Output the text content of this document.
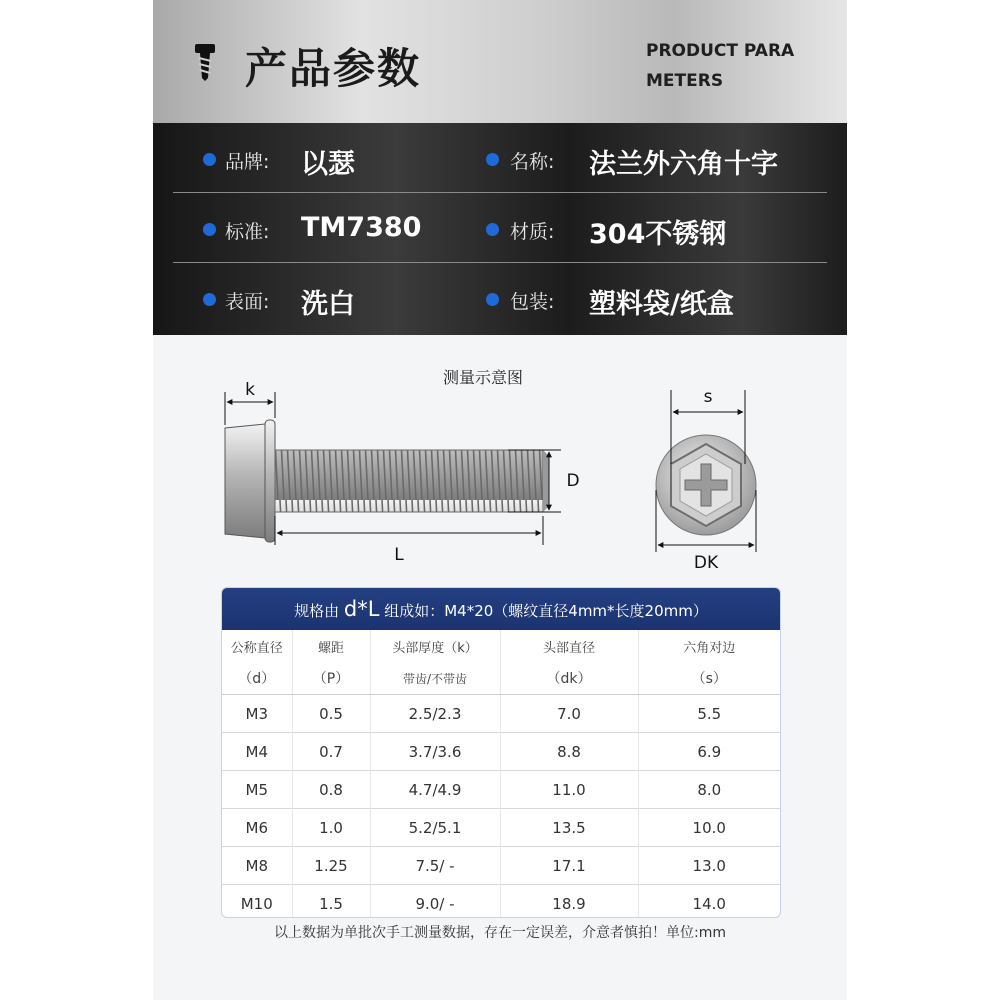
产品参数	PRODUCT PARA
METERS
品牌: 以瑟	名称: 法兰外六角十字
标准: TM7380	材质: 304不锈钢
表面: 洗白	包装: 塑料袋/纸盒
测量示意图
k
D
L
s
DK
规格由 d*L 组成如：M4*20（螺纹直径4mm*长度20mm）
公称直径	螺距	头部厚度（k）	头部直径	六角对边
（d）	（P）	带齿/不带齿	（dk）	（s）
M3	0.5	2.5/2.3	7.0	5.5
M4	0.7	3.7/3.6	8.8	6.9
M5	0.8	4.7/4.9	11.0	8.0
M6	1.0	5.2/5.1	13.5	10.0
M8	1.25	7.5/ -	17.1	13.0
M10	1.5	9.0/ -	18.9	14.0
以上数据为单批次手工测量数据，存在一定误差，介意者慎拍！单位:mm
